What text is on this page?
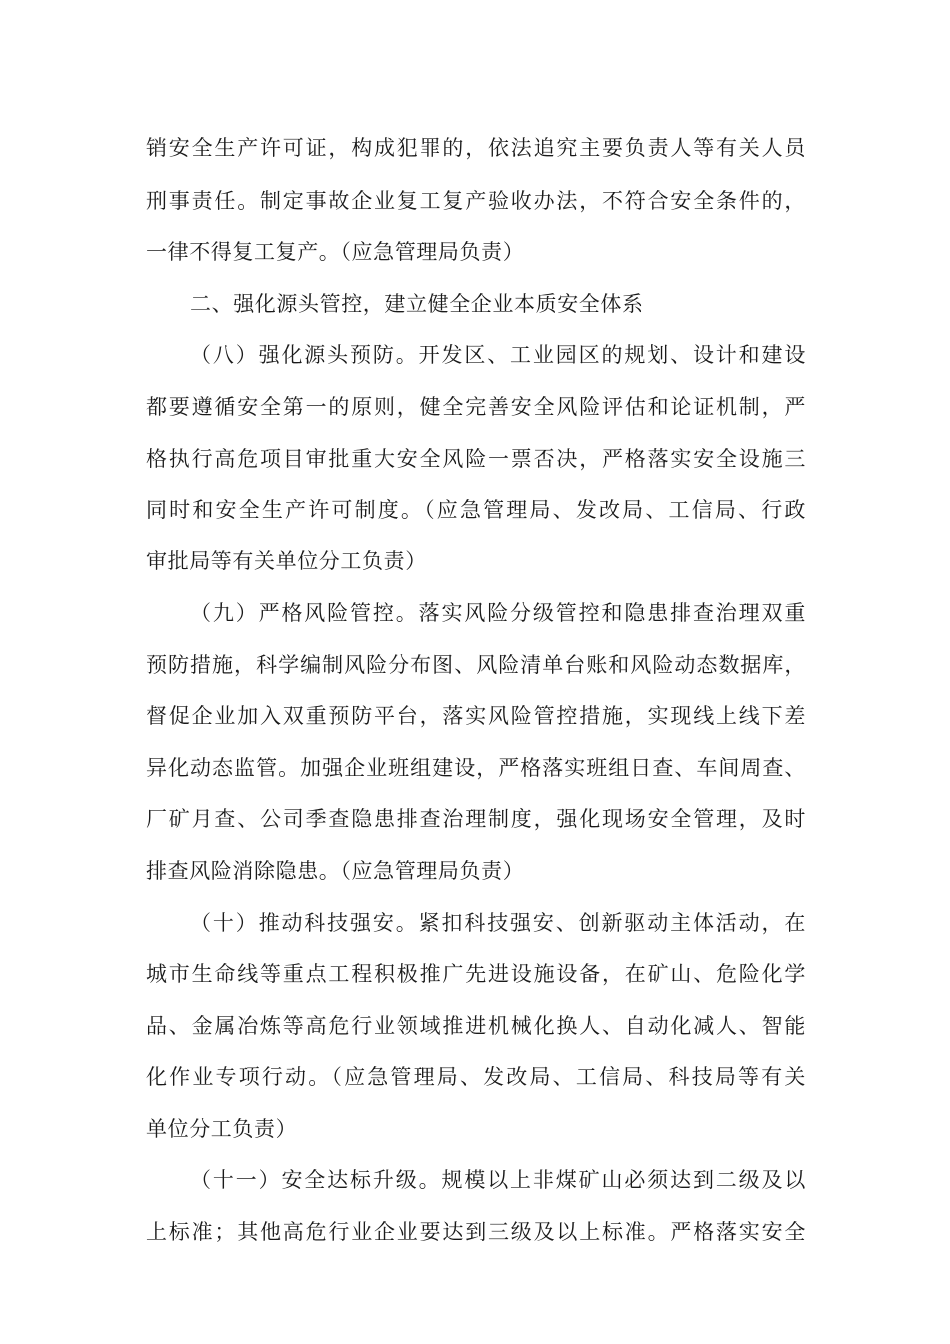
销安全生产许可证，构成犯罪的，依法追究主要负责人等有关人员
刑事责任。制定事故企业复工复产验收办法，不符合安全条件的，
一律不得复工复产。（应急管理局负责）
二、强化源头管控，建立健全企业本质安全体系
（八）强化源头预防。开发区、工业园区的规划、设计和建设
都要遵循安全第一的原则，健全完善安全风险评估和论证机制，严
格执行高危项目审批重大安全风险一票否决，严格落实安全设施三
同时和安全生产许可制度。（应急管理局、发改局、工信局、行政
审批局等有关单位分工负责）
（九）严格风险管控。落实风险分级管控和隐患排查治理双重
预防措施，科学编制风险分布图、风险清单台账和风险动态数据库，
督促企业加入双重预防平台，落实风险管控措施，实现线上线下差
异化动态监管。加强企业班组建设，严格落实班组日查、车间周查、
厂矿月查、公司季查隐患排查治理制度，强化现场安全管理，及时
排查风险消除隐患。（应急管理局负责）
（十）推动科技强安。紧扣科技强安、创新驱动主体活动，在
城市生命线等重点工程积极推广先进设施设备，在矿山、危险化学
品、金属冶炼等高危行业领域推进机械化换人、自动化减人、智能
化作业专项行动。（应急管理局、发改局、工信局、科技局等有关
单位分工负责）
（十一）安全达标升级。规模以上非煤矿山必须达到二级及以
上标准；其他高危行业企业要达到三级及以上标准。严格落实安全
